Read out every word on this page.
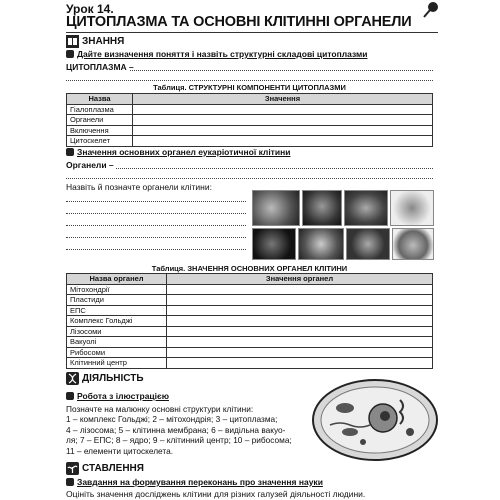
Урок 14.
ЦИТОПЛАЗМА ТА ОСНОВНІ КЛІТИННІ ОРГАНЕЛИ
ЗНАННЯ
Дайте визначення поняття і назвіть структурні складові цитоплазми
ЦИТОПЛАЗМА –
Таблиця. СТРУКТУРНІ КОМПОНЕНТИ ЦИТОПЛАЗМИ
Назва	Значення
Гіалоплазма	
Органели	
Включення	
Цитоскелет	
Значення основних органел еукаріотичної клітини
Органели –
Назвіть й позначте органели клітини:
Таблиця. ЗНАЧЕННЯ ОСНОВНИХ ОРГАНЕЛ КЛІТИНИ
Назва органел	Значення органел
Мітохондрії	
Пластиди	
ЕПС	
Комплекс Гольджі	
Лізосоми	
Вакуолі	
Рибосоми	
Клітинний центр	
ДІЯЛЬНІСТЬ
Робота з ілюстрацією
Позначте на малюнку основні структури клітини:
1 – комплекс Гольджі; 2 – мітохондрія; 3 – цитоплазма;
4 – лізосома; 5 – клітинна мембрана; 6 – видільна вакуо-
ля; 7 – ЕПС; 8 – ядро; 9 – клітинний центр; 10 – рибосома;
11 – елементи цитоскелета.
СТАВЛЕННЯ
Завдання на формування переконань про значення науки
Оцініть значення досліджень клітини для різних галузей діяльності людини.
